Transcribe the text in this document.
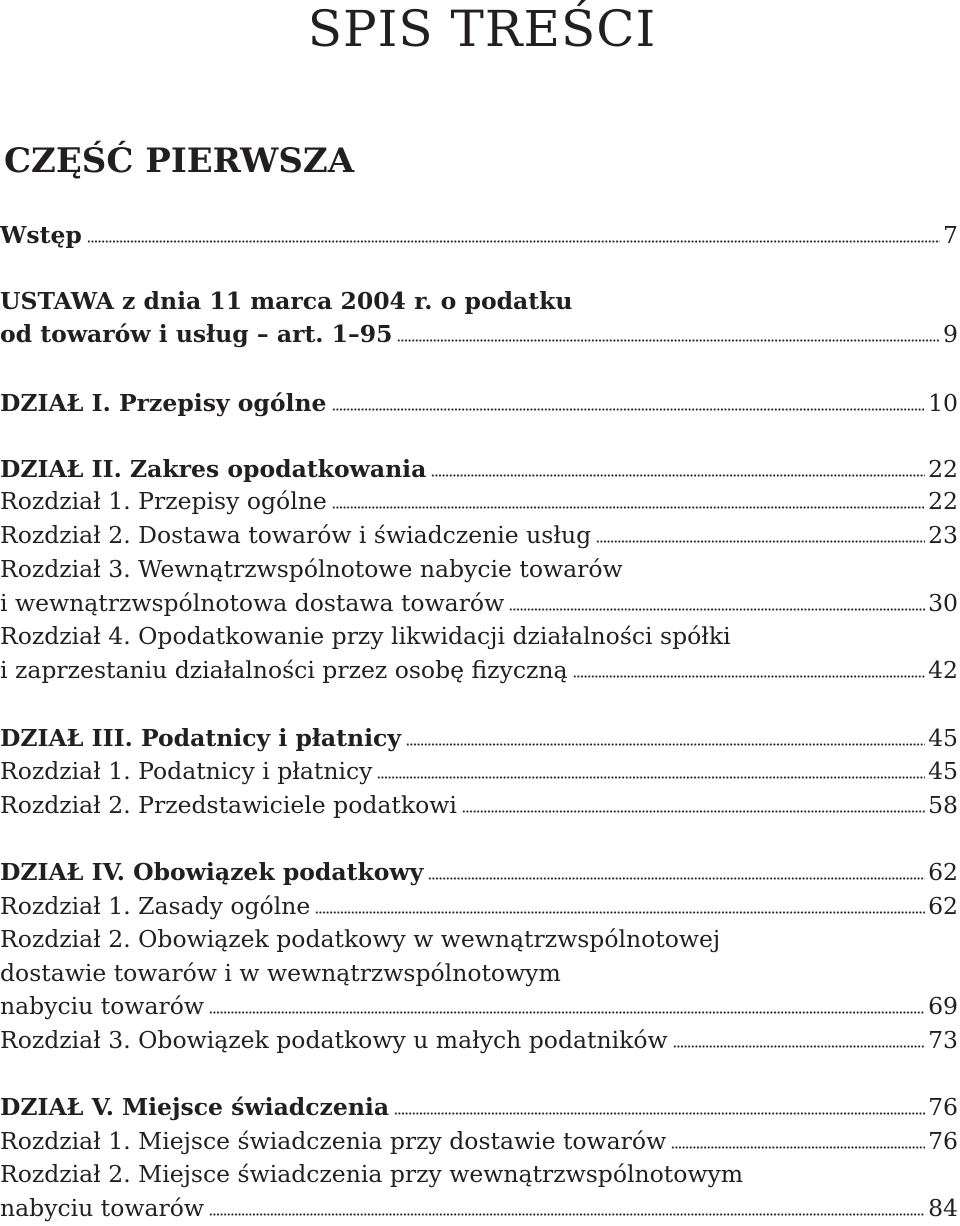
SPIS TREŚCI
CZĘŚĆ PIERWSZA
Wstęp	7
USTAWA z dnia 11 marca 2004 r. o podatku
od towarów i usług – art. 1–95	9
DZIAŁ I. Przepisy ogólne	10
DZIAŁ II. Zakres opodatkowania	22
Rozdział 1. Przepisy ogólne	22
Rozdział 2. Dostawa towarów i świadczenie usług	23
Rozdział 3. Wewnątrzwspólnotowe nabycie towarów
i wewnątrzwspólnotowa dostawa towarów	30
Rozdział 4. Opodatkowanie przy likwidacji działalności spółki
i zaprzestaniu działalności przez osobę fizyczną	42
DZIAŁ III. Podatnicy i płatnicy	45
Rozdział 1. Podatnicy i płatnicy	45
Rozdział 2. Przedstawiciele podatkowi	58
DZIAŁ IV. Obowiązek podatkowy	62
Rozdział 1. Zasady ogólne	62
Rozdział 2. Obowiązek podatkowy w wewnątrzwspólnotowej
dostawie towarów i w wewnątrzwspólnotowym
nabyciu towarów	69
Rozdział 3. Obowiązek podatkowy u małych podatników	73
DZIAŁ V. Miejsce świadczenia	76
Rozdział 1. Miejsce świadczenia przy dostawie towarów	76
Rozdział 2. Miejsce świadczenia przy wewnątrzwspólnotowym
nabyciu towarów	84
